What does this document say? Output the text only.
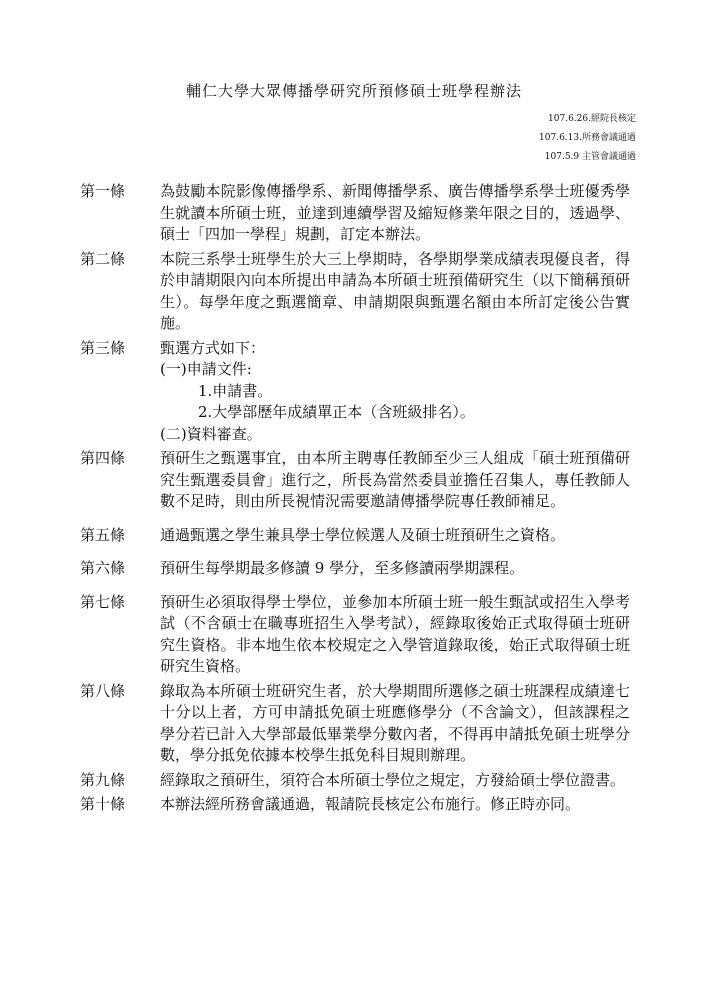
輔仁大學大眾傳播學研究所預修碩士班學程辦法
107.6.26.經院長核定
107.6.13.所務會議通過
107.5.9 主管會議通過
第一條	為鼓勵本院影像傳播學系、新聞傳播學系、廣告傳播學系學士班優秀學生就讀本所碩士班，並達到連續學習及縮短修業年限之目的，透過學、碩士「四加一學程」規劃，訂定本辦法。

第二條	本院三系學士班學生於大三上學期時，各學期學業成績表現優良者，得於申請期限內向本所提出申請為本所碩士班預備研究生（以下簡稱預研生）。每學年度之甄選簡章、申請期限與甄選名額由本所訂定後公告實施。

第三條	甄選方式如下：

(一)申請文件:

1.申請書。

2.大學部歷年成績單正本（含班級排名）。

(二)資料審查。

第四條	預研生之甄選事宜，由本所主聘專任教師至少三人組成「碩士班預備研究生甄選委員會」進行之，所長為當然委員並擔任召集人，專任教師人數不足時，則由所長視情況需要邀請傳播學院專任教師補足。

第五條	通過甄選之學生兼具學士學位候選人及碩士班預研生之資格。

第六條	預研生每學期最多修讀 9 學分，至多修讀兩學期課程。

第七條	預研生必須取得學士學位，並參加本所碩士班一般生甄試或招生入學考試（不含碩士在職專班招生入學考試），經錄取後始正式取得碩士班研究生資格。非本地生依本校規定之入學管道錄取後，始正式取得碩士班研究生資格。

第八條	錄取為本所碩士班研究生者，於大學期間所選修之碩士班課程成績達七十分以上者，方可申請抵免碩士班應修學分（不含論文），但該課程之學分若已計入大學部最低畢業學分數內者，不得再申請抵免碩士班學分數，學分抵免依據本校學生抵免科目規則辦理。

第九條	經錄取之預研生，須符合本所碩士學位之規定，方發給碩士學位證書。

第十條	本辦法經所務會議通過，報請院長核定公布施行。修正時亦同。
